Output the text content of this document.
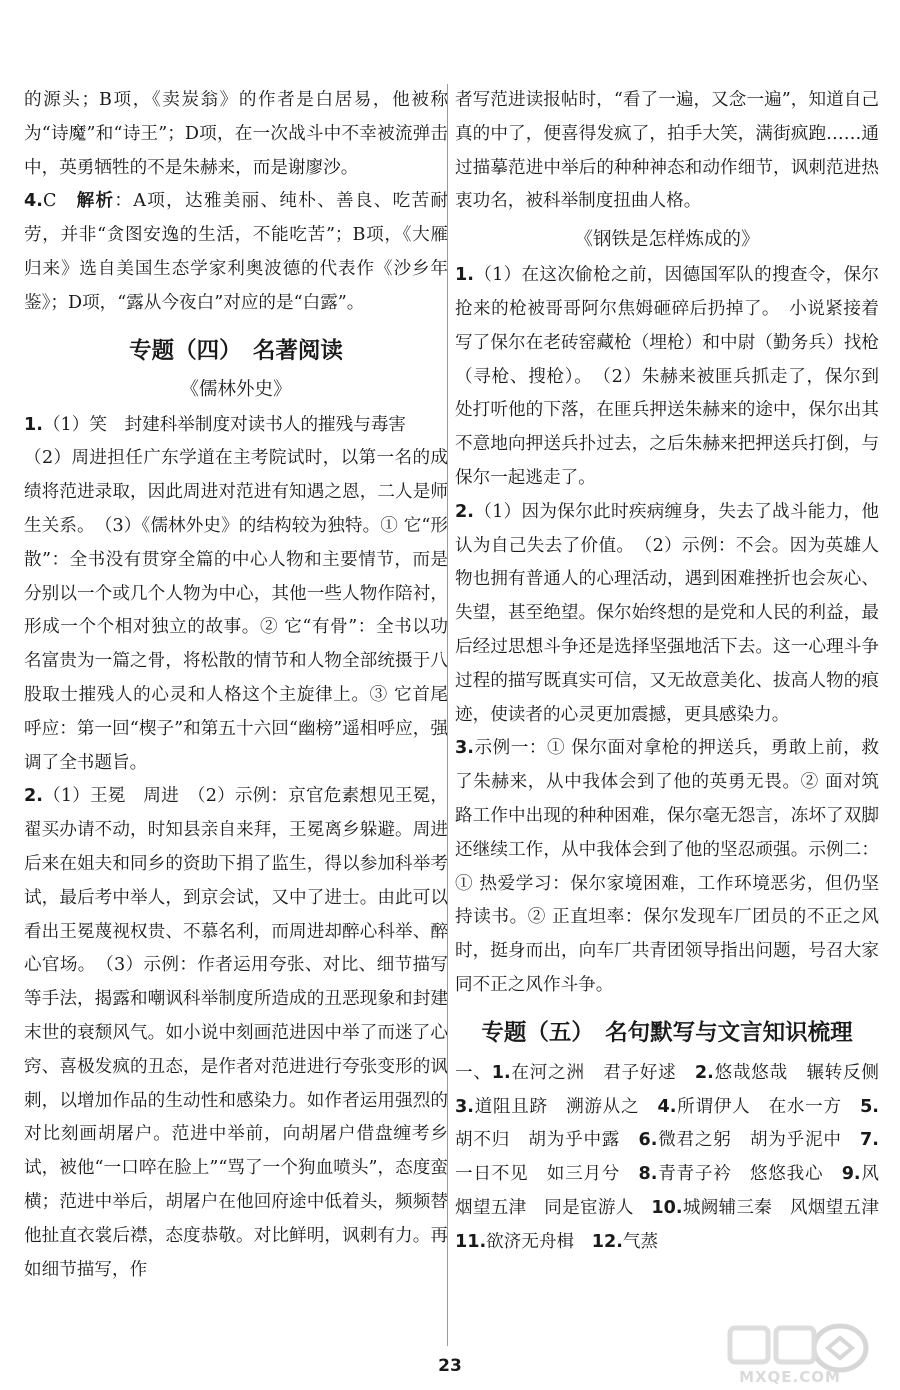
的源头；B项，《卖炭翁》的作者是白居易，他被称为“诗魔”和“诗王”；D项，在一次战斗中不幸被流弹击中，英勇牺牲的不是朱赫来，而是谢廖沙。

4.C　解析：A项，达雅美丽、纯朴、善良、吃苦耐劳，并非“贪图安逸的生活，不能吃苦”；B项，《大雁归来》选自美国生态学家利奥波德的代表作《沙乡年鉴》；D项，“露从今夜白”对应的是“白露”。

专题（四）　名著阅读
《儒林外史》

1.（1）笑　封建科举制度对读书人的摧残与毒害

（2）周进担任广东学道在主考院试时，以第一名的成绩将范进录取，因此周进对范进有知遇之恩，二人是师生关系。　（3）《儒林外史》的结构较为独特。① 它“形散”：全书没有贯穿全篇的中心人物和主要情节，而是分别以一个或几个人物为中心，其他一些人物作陪衬，形成一个个相对独立的故事。② 它“有骨”：全书以功名富贵为一篇之骨，将松散的情节和人物全部统摄于八股取士摧残人的心灵和人格这个主旋律上。③ 它首尾呼应：第一回“楔子”和第五十六回“幽榜”遥相呼应，强调了全书题旨。

2.（1）王冕　周进　（2）示例：京官危素想见王冕，翟买办请不动，时知县亲自来拜，王冕离乡躲避。周进后来在姐夫和同乡的资助下捐了监生，得以参加科举考试，最后考中举人，到京会试，又中了进士。由此可以看出王冕蔑视权贵、不慕名利，而周进却醉心科举、醉心官场。　（3）示例：作者运用夸张、对比、细节描写等手法，揭露和嘲讽科举制度所造成的丑恶现象和封建末世的衰颓风气。如小说中刻画范进因中举了而迷了心窍、喜极发疯的丑态，是作者对范进进行夸张变形的讽刺，以增加作品的生动性和感染力。如作者运用强烈的对比刻画胡屠户。范进中举前，向胡屠户借盘缠考乡试，被他“一口啐在脸上”“骂了一个狗血喷头”，态度蛮横；范进中举后，胡屠户在他回府途中低着头，频频替他扯直衣裳后襟，态度恭敬。对比鲜明，讽刺有力。再如细节描写，作

者写范进读报帖时，“看了一遍，又念一遍”，知道自己真的中了，便喜得发疯了，拍手大笑，满街疯跑……通过描摹范进中举后的种种神态和动作细节，讽刺范进热衷功名，被科举制度扭曲人格。

《钢铁是怎样炼成的》

1.（1）在这次偷枪之前，因德国军队的搜查令，保尔抢来的枪被哥哥阿尔焦姆砸碎后扔掉了。　小说紧接着写了保尔在老砖窑藏枪（埋枪）和中尉（勤务兵）找枪（寻枪、搜枪）。　（2）朱赫来被匪兵抓走了，保尔到处打听他的下落，在匪兵押送朱赫来的途中，保尔出其不意地向押送兵扑过去，之后朱赫来把押送兵打倒，与保尔一起逃走了。

2.（1）因为保尔此时疾病缠身，失去了战斗能力，他认为自己失去了价值。　（2）示例：不会。因为英雄人物也拥有普通人的心理活动，遇到困难挫折也会灰心、失望，甚至绝望。保尔始终想的是党和人民的利益，最后经过思想斗争还是选择坚强地活下去。这一心理斗争过程的描写既真实可信，又无故意美化、拔高人物的痕迹，使读者的心灵更加震撼，更具感染力。

3.示例一：① 保尔面对拿枪的押送兵，勇敢上前，救了朱赫来，从中我体会到了他的英勇无畏。② 面对筑路工作中出现的种种困难，保尔毫无怨言，冻坏了双脚还继续工作，从中我体会到了他的坚忍顽强。示例二：① 热爱学习：保尔家境困难，工作环境恶劣，但仍坚持读书。② 正直坦率：保尔发现车厂团员的不正之风时，挺身而出，向车厂共青团领导指出问题，号召大家同不正之风作斗争。

专题（五）　名句默写与文言知识梳理

一、1.在河之洲　君子好逑　2.悠哉悠哉　辗转反侧　3.道阻且跻　溯游从之　4.所谓伊人　在水一方　5.胡不归　胡为乎中露　6.微君之躬　胡为乎泥中　7.一日不见　如三月兮　8.青青子衿　悠悠我心　9.风烟望五津　同是宦游人　10.城阙辅三秦　风烟望五津　11.欲济无舟楫　12.气蒸

23
MXQE.COM
